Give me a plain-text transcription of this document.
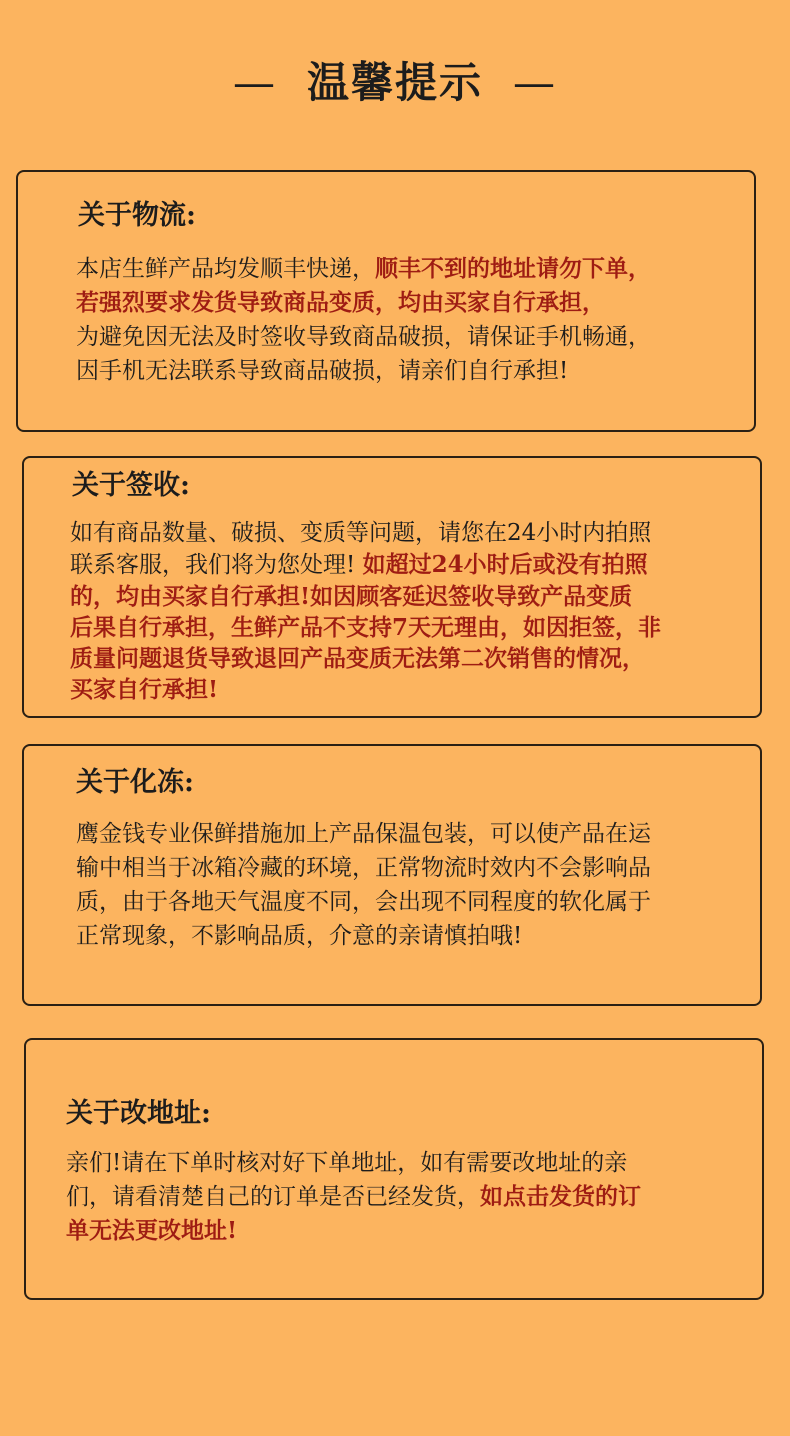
— 温馨提示 —
关于物流:
本店生鲜产品均发顺丰快递，顺丰不到的地址请勿下单，
若强烈要求发货导致商品变质，均由买家自行承担，
为避免因无法及时签收导致商品破损，请保证手机畅通，
因手机无法联系导致商品破损，请亲们自行承担!
关于签收:
如有商品数量、破损、变质等问题，请您在24小时内拍照
联系客服，我们将为您处理! 如超过24小时后或没有拍照
的，均由买家自行承担!如因顾客延迟签收导致产品变质
后果自行承担，生鲜产品不支持7天无理由，如因拒签，非
质量问题退货导致退回产品变质无法第二次销售的情况，
买家自行承担!
关于化冻:
鹰金钱专业保鲜措施加上产品保温包装，可以使产品在运
输中相当于冰箱冷藏的环境，正常物流时效内不会影响品
质，由于各地天气温度不同，会出现不同程度的软化属于
正常现象，不影响品质，介意的亲请慎拍哦!
关于改地址:
亲们!请在下单时核对好下单地址，如有需要改地址的亲
们，请看清楚自己的订单是否已经发货，如点击发货的订
单无法更改地址!
